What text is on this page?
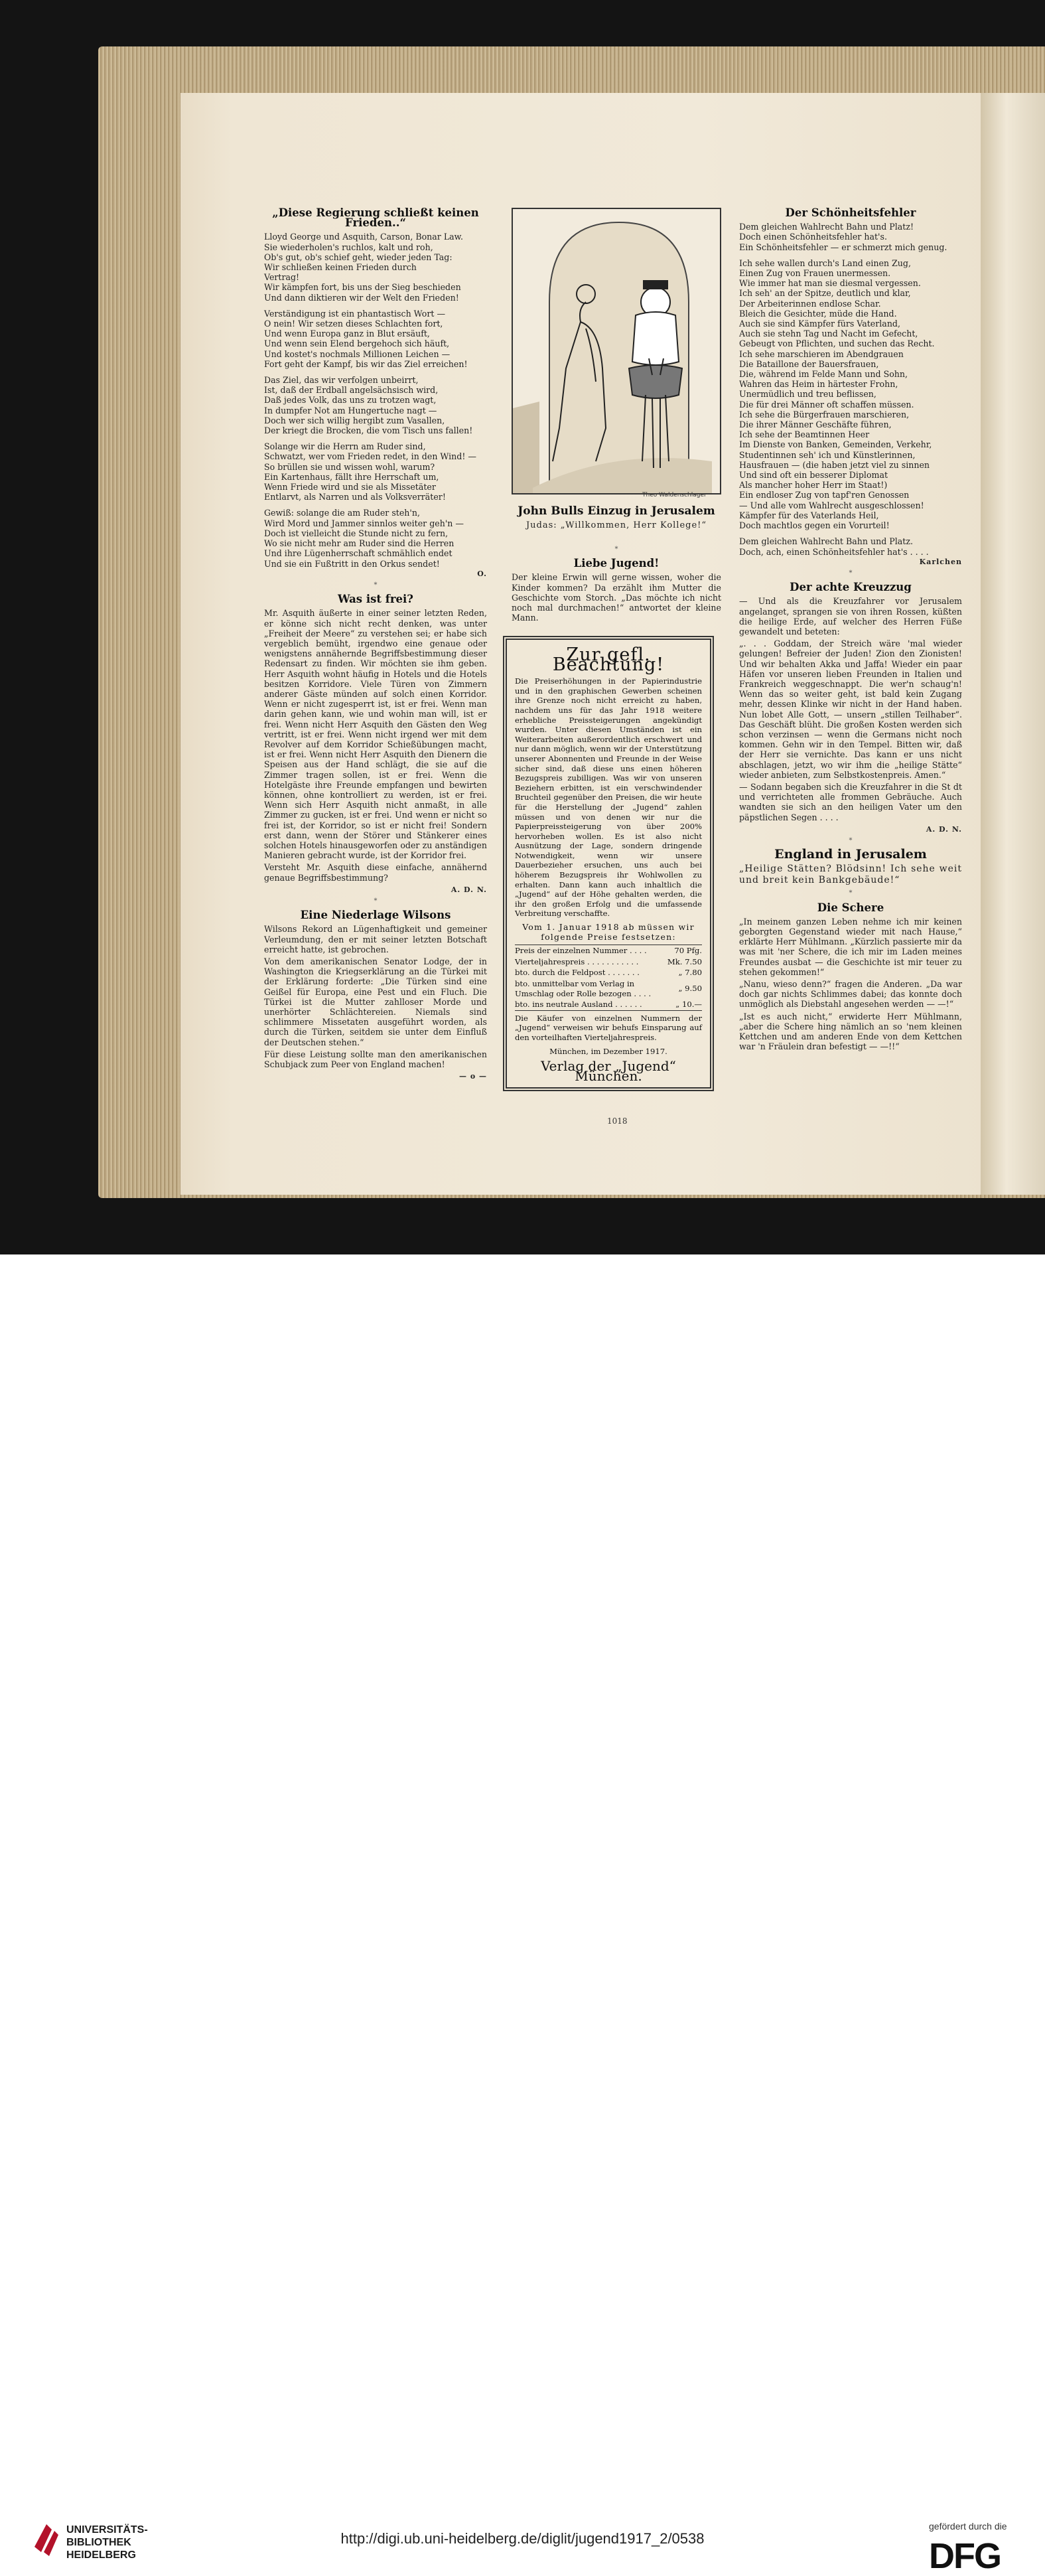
„Diese Regierung schließt keinen Frieden..“
Lloyd George und Asquith, Carson, Bonar Law.
Sie wiederholen's ruchlos, kalt und roh,
Ob's gut, ob's schief geht, wieder jeden Tag:
Wir schließen keinen Frieden durch
Vertrag!
Wir kämpfen fort, bis uns der Sieg beschieden
Und dann diktieren wir der Welt den Frieden!
Verständigung ist ein phantastisch Wort —
O nein! Wir setzen dieses Schlachten fort,
Und wenn Europa ganz in Blut ersäuft,
Und wenn sein Elend bergehoch sich häuft,
Und kostet's nochmals Millionen Leichen —
Fort geht der Kampf, bis wir das Ziel erreichen!
Das Ziel, das wir verfolgen unbeirrt,
Ist, daß der Erdball angelsächsisch wird,
Daß jedes Volk, das uns zu trotzen wagt,
In dumpfer Not am Hungertuche nagt —
Doch wer sich willig hergibt zum Vasallen,
Der kriegt die Brocken, die vom Tisch uns fallen!
Solange wir die Herrn am Ruder sind,
Schwatzt, wer vom Frieden redet, in den Wind! —
So brüllen sie und wissen wohl, warum?
Ein Kartenhaus, fällt ihre Herrschaft um,
Wenn Friede wird und sie als Missetäter
Entlarvt, als Narren und als Volksverräter!
Gewiß: solange die am Ruder steh'n,
Wird Mord und Jammer sinnlos weiter geh'n —
Doch ist vielleicht die Stunde nicht zu fern,
Wo sie nicht mehr am Ruder sind die Herren
Und ihre Lügenherrschaft schmählich endet
Und sie ein Fußtritt in den Orkus sendet!
O.
*
Was ist frei?

Mr. Asquith äußerte in einer seiner letzten Reden, er könne sich nicht recht denken, was unter „Freiheit der Meere“ zu verstehen sei; er habe sich vergeblich bemüht, irgendwo eine genaue oder wenigstens annähernde Begriffsbestimmung dieser Redensart zu finden. Wir möchten sie ihm geben. Herr Asquith wohnt häufig in Hotels und die Hotels besitzen Korridore. Viele Türen von Zimmern anderer Gäste münden auf solch einen Korridor. Wenn er nicht zugesperrt ist, ist er frei. Wenn man darin gehen kann, wie und wohin man will, ist er frei. Wenn nicht Herr Asquith den Gästen den Weg vertritt, ist er frei. Wenn nicht irgend wer mit dem Revolver auf dem Korridor Schießübungen macht, ist er frei. Wenn nicht Herr Asquith den Dienern die Speisen aus der Hand schlägt, die sie auf die Zimmer tragen sollen, ist er frei. Wenn die Hotelgäste ihre Freunde empfangen und bewirten können, ohne kontrolliert zu werden, ist er frei. Wenn sich Herr Asquith nicht anmaßt, in alle Zimmer zu gucken, ist er frei. Und wenn er nicht so frei ist, der Korridor, so ist er nicht frei! Sondern erst dann, wenn der Störer und Stänkerer eines solchen Hotels hinausgeworfen oder zu anständigen Manieren gebracht wurde, ist der Korridor frei.

Versteht Mr. Asquith diese einfache, annähernd genaue Begriffsbestimmung?

A. D. N.
*
Eine Niederlage Wilsons

Wilsons Rekord an Lügenhaftigkeit und gemeiner Verleumdung, den er mit seiner letzten Botschaft erreicht hatte, ist gebrochen.

Von dem amerikanischen Senator Lodge, der in Washington die Kriegserklärung an die Türkei mit der Erklärung forderte: „Die Türken sind eine Geißel für Europa, eine Pest und ein Fluch. Die Türkei ist die Mutter zahlloser Morde und unerhörter Schlächtereien. Niemals sind schlimmere Missetaten ausgeführt worden, als durch die Türken, seitdem sie unter dem Einfluß der Deutschen stehen.“

Für diese Leistung sollte man den amerikanischen Schubjack zum Peer von England machen!

— o —
Theo Waldenschlager
John Bulls Einzug in Jerusalem
Judas: „Willkommen, Herr Kollege!“
*
Liebe Jugend!

Der kleine Erwin will gerne wissen, woher die Kinder kommen? Da erzählt ihm Mutter die Geschichte vom Storch. „Das möchte ich nicht noch mal durchmachen!“ antwortet der kleine Mann.

Zur gefl. Beachtung!
Die Preiserhöhungen in der Papierindustrie und in den graphischen Gewerben scheinen ihre Grenze noch nicht erreicht zu haben, nachdem uns für das Jahr 1918 weitere erhebliche Preissteigerungen angekündigt wurden. Unter diesen Umständen ist ein Weiterarbeiten außerordentlich erschwert und nur dann möglich, wenn wir der Unterstützung unserer Abonnenten und Freunde in der Weise sicher sind, daß diese uns einen höheren Bezugspreis zubilligen. Was wir von unseren Beziehern erbitten, ist ein verschwindender Bruchteil gegenüber den Preisen, die wir heute für die Herstellung der „Jugend“ zahlen müssen und von denen wir nur die Papierpreissteigerung von über 200% hervorheben wollen. Es ist also nicht Ausnützung der Lage, sondern dringende Notwendigkeit, wenn wir unsere Dauerbezieher ersuchen, uns auch bei höherem Bezugspreis ihr Wohlwollen zu erhalten. Dann kann auch inhaltlich die „Jugend“ auf der Höhe gehalten werden, die ihr den großen Erfolg und die umfassende Verbreitung verschaffte.
Vom 1. Januar 1918 ab müssen wir folgende Preise festsetzen:
Preis der einzelnen Nummer . . . .	70 Pfg.
Vierteljahrespreis . . . . . . . . . . .	Mk. 7.50
bto. durch die Feldpost . . . . . . .	„ 7.80
bto. unmittelbar vom Verlag in Umschlag oder Rolle bezogen . . . .	„ 9.50
bto. ins neutrale Ausland . . . . . .	„ 10.—
Die Käufer von einzelnen Nummern der „Jugend“ verweisen wir behufs Einsparung auf den vorteilhaften Vierteljahrespreis.
München, im Dezember 1917.
Verlag der „Jugend“ München.
Der Schönheitsfehler
Dem gleichen Wahlrecht Bahn und Platz!
Doch einen Schönheitsfehler hat's.
Ein Schönheitsfehler — er schmerzt mich genug.
Ich sehe wallen durch's Land einen Zug,
Einen Zug von Frauen unermessen.
Wie immer hat man sie diesmal vergessen.
Ich seh' an der Spitze, deutlich und klar,
Der Arbeiterinnen endlose Schar.
Bleich die Gesichter, müde die Hand.
Auch sie sind Kämpfer fürs Vaterland,
Auch sie stehn Tag und Nacht im Gefecht,
Gebeugt von Pflichten, und suchen das Recht.
Ich sehe marschieren im Abendgrauen
Die Bataillone der Bauersfrauen,
Die, während im Felde Mann und Sohn,
Wahren das Heim in härtester Frohn,
Unermüdlich und treu beflissen,
Die für drei Männer oft schaffen müssen.
Ich sehe die Bürgerfrauen marschieren,
Die ihrer Männer Geschäfte führen,
Ich sehe der Beamtinnen Heer
Im Dienste von Banken, Gemeinden, Verkehr,
Studentinnen seh' ich und Künstlerinnen,
Hausfrauen — (die haben jetzt viel zu sinnen
Und sind oft ein besserer Diplomat
Als mancher hoher Herr im Staat!)
Ein endloser Zug von tapf'ren Genossen
— Und alle vom Wahlrecht ausgeschlossen!
Kämpfer für des Vaterlands Heil,
Doch machtlos gegen ein Vorurteil!
Dem gleichen Wahlrecht Bahn und Platz.
Doch, ach, einen Schönheitsfehler hat's . . . .
Karlchen
*
Der achte Kreuzzug

— Und als die Kreuzfahrer vor Jerusalem angelanget, sprangen sie von ihren Rossen, küßten die heilige Erde, auf welcher des Herren Füße gewandelt und beteten:

„. . . Goddam, der Streich wäre 'mal wieder gelungen! Befreier der Juden! Zion den Zionisten! Und wir behalten Akka und Jaffa! Wieder ein paar Häfen vor unseren lieben Freunden in Italien und Frankreich weggeschnappt. Die wer'n schaug'n! Wenn das so weiter geht, ist bald kein Zugang mehr, dessen Klinke wir nicht in der Hand haben. Nun lobet Alle Gott, — unsern „stillen Teilhaber“. Das Geschäft blüht. Die großen Kosten werden sich schon verzinsen — wenn die Germans nicht noch kommen. Gehn wir in den Tempel. Bitten wir, daß der Herr sie vernichte. Das kann er uns nicht abschlagen, jetzt, wo wir ihm die „heilige Stätte“ wieder anbieten, zum Selbstkostenpreis. Amen.“

— Sodann begaben sich die Kreuzfahrer in die St dt und verrichteten alle frommen Gebräuche. Auch wandten sie sich an den heiligen Vater um den päpstlichen Segen . . . .

A. D. N.
*
England in Jerusalem

„Heilige Stätten? Blödsinn! Ich sehe weit und breit kein Bankgebäude!“

*
Die Schere

„In meinem ganzen Leben nehme ich mir keinen geborgten Gegenstand wieder mit nach Hause,“ erklärte Herr Mühlmann. „Kürzlich passierte mir da was mit 'ner Schere, die ich mir im Laden meines Freundes ausbat — die Geschichte ist mir teuer zu stehen gekommen!“

„Nanu, wieso denn?“ fragen die Anderen. „Da war doch gar nichts Schlimmes dabei; das konnte doch unmöglich als Diebstahl angesehen werden — —!“

„Ist es auch nicht,“ erwiderte Herr Mühlmann, „aber die Schere hing nämlich an so 'nem kleinen Kettchen und am anderen Ende von dem Kettchen war 'n Fräulein dran befestigt — —!!“

1018
UNIVERSITÄTS-
BIBLIOTHEK
HEIDELBERG
http://digi.ub.uni-heidelberg.de/diglit/jugend1917_2/0538
gefördert durch die
DFG
